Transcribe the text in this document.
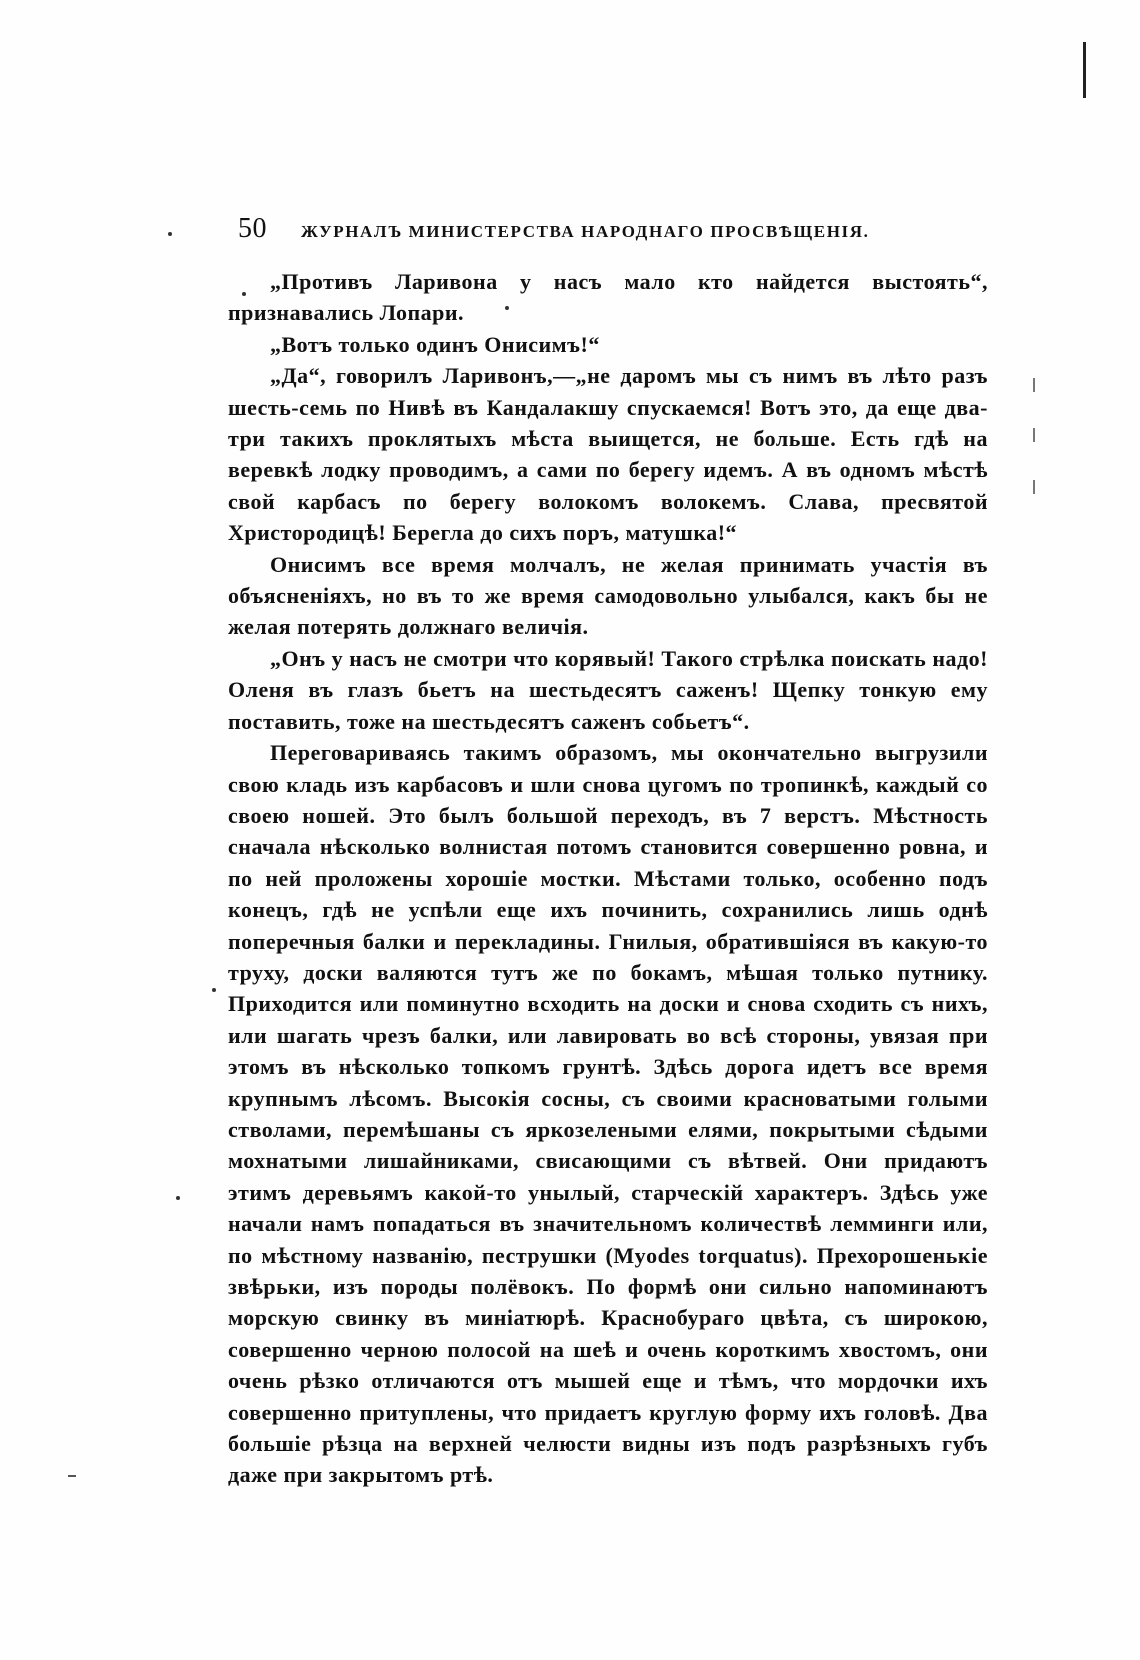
50 ЖУРНАЛЪ МИНИСТЕРСТВА НАРОДНАГО ПРОСВѢЩЕНІЯ.

„Противъ Ларивона у насъ мало кто найдется выстоять“, признавались Лопари.

„Вотъ только одинъ Онисимъ!“

„Да“, говорилъ Ларивонъ,—„не даромъ мы съ нимъ въ лѣто разъ шесть-семь по Нивѣ въ Кандалакшу спускаемся! Вотъ это, да еще два-три такихъ проклятыхъ мѣста выищется, не больше. Есть гдѣ на веревкѣ лодку проводимъ, а сами по берегу идемъ. А въ одномъ мѣстѣ свой карбасъ по берегу волокомъ волокемъ. Слава, пресвятой Христородицѣ! Берегла до сихъ поръ, матушка!“

Онисимъ все время молчалъ, не желая принимать участія въ объясненіяхъ, но въ то же время самодовольно улыбался, какъ бы не желая потерять должнаго величія.

„Онъ у насъ не смотри что корявый! Такого стрѣлка поискать надо! Оленя въ глазъ бьетъ на шестьдесятъ саженъ! Щепку тонкую ему поставить, тоже на шестьдесятъ саженъ собьетъ“.

Переговариваясь такимъ образомъ, мы окончательно выгрузили свою кладь изъ карбасовъ и шли снова цугомъ по тропинкѣ, каждый со своею ношей. Это былъ большой переходъ, въ 7 верстъ. Мѣстность сначала нѣсколько волнистая потомъ становится совершенно ровна, и по ней проложены хорошіе мостки. Мѣстами только, особенно подъ конецъ, гдѣ не успѣли еще ихъ починить, сохранились лишь однѣ поперечныя балки и перекладины. Гнилыя, обратившіяся въ какую-то труху, доски валяются тутъ же по бокамъ, мѣшая только путнику. Приходится или поминутно всходить на доски и снова сходить съ нихъ, или шагать чрезъ балки, или лавировать во всѣ стороны, увязая при этомъ въ нѣсколько топкомъ грунтѣ. Здѣсь дорога идетъ все время крупнымъ лѣсомъ. Высокія сосны, съ своими красноватыми голыми стволами, перемѣшаны съ яркозелеными елями, покрытыми сѣдыми мохнатыми лишайниками, свисающими съ вѣтвей. Они придаютъ этимъ деревьямъ какой-то унылый, старческій характеръ. Здѣсь уже начали намъ попадаться въ значительномъ количествѣ лемминги или, по мѣстному названію, пеструшки (Myodes torquatus). Прехорошенькіе звѣрьки, изъ породы полёвокъ. По формѣ они сильно напоминаютъ морскую свинку въ миніатюрѣ. Краснобураго цвѣта, съ широкою, совершенно черною полосой на шеѣ и очень короткимъ хвостомъ, они очень рѣзко отличаются отъ мышей еще и тѣмъ, что мордочки ихъ совершенно притуплены, что придаетъ круглую форму ихъ головѣ. Два большіе рѣзца на верхней челюсти видны изъ подъ разрѣзныхъ губъ даже при закрытомъ ртѣ.
